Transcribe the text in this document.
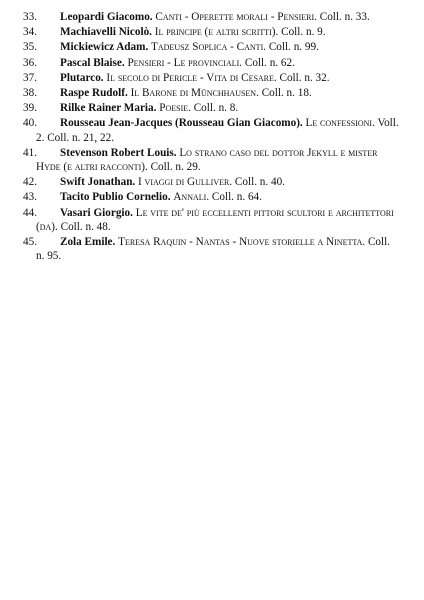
33. Leopardi Giacomo. Canti - Operette morali - Pensieri. Coll. n. 33.
34. Machiavelli Nicolò. Il principe (e altri scritti). Coll. n. 9.
35. Mickiewicz Adam. Tadeusz Soplica - Canti. Coll. n. 99.
36. Pascal Blaise. Pensieri - Le provinciali. Coll. n. 62.
37. Plutarco. Il secolo di Pericle - Vita di Cesare. Coll. n. 32.
38. Raspe Rudolf. Il Barone di Münchhausen. Coll. n. 18.
39. Rilke Rainer Maria. Poesie. Coll. n. 8.
40. Rousseau Jean-Jacques (Rousseau Gian Giacomo). Le confessioni. Voll. 2. Coll. n. 21, 22.
41. Stevenson Robert Louis. Lo strano caso del dottor Jekyll e mister Hyde (e altri racconti). Coll. n. 29.
42. Swift Jonathan. I viaggi di Gulliver. Coll. n. 40.
43. Tacito Publio Cornelio. Annali. Coll. n. 64.
44. Vasari Giorgio. Le vite de' più eccellenti pittori scultori e architettori (da). Coll. n. 48.
45. Zola Emile. Teresa Raquin - Nantas - Nuove storielle a Ninetta. Coll. n. 95.
